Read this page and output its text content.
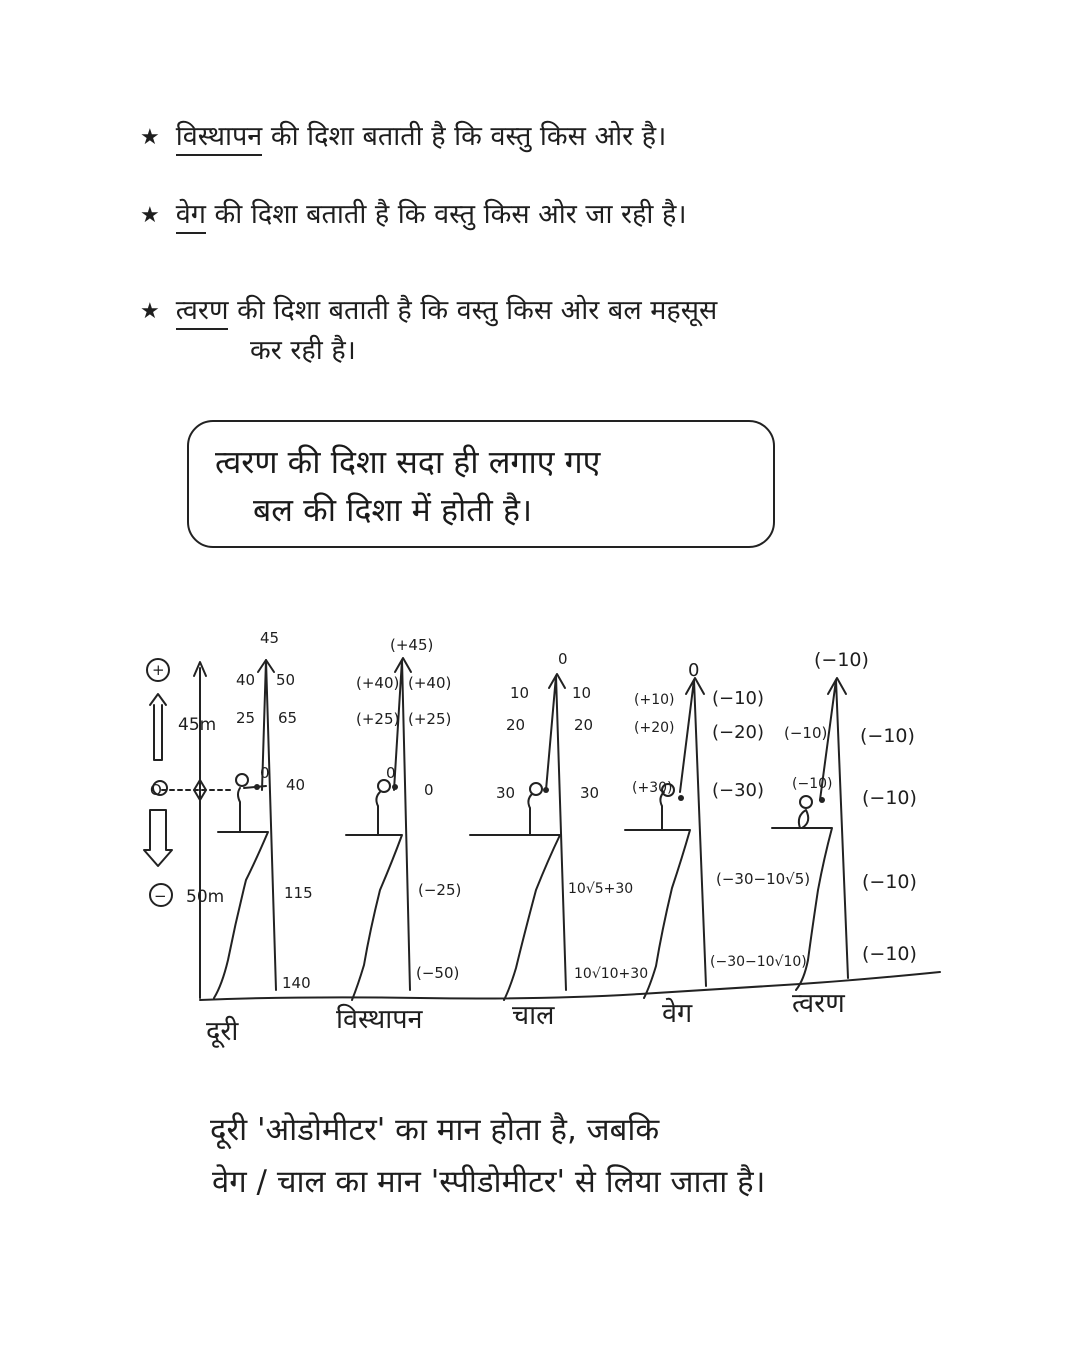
★ विस्थापन की दिशा बताती है कि वस्तु किस ओर है।
★ वेग की दिशा बताती है कि वस्तु किस ओर जा रही है।
★ त्वरण की दिशा बताती है कि वस्तु किस ओर बल महसूस
कर रही है।
त्वरण की दिशा सदा ही लगाए गए
बल की दिशा में होती है।
+
−
O
45m
50m
45
40 50
25 65
0
40
115
140
(+45)
(+40) (+40)
(+25) (+25)
0
0
(−25)
(−50)
0
10	10
20	20
30	30
10√5+30
10√10+30
0
(+10) (−10)
(+20) (−20)
(+30) (−30)
(−30−10√5)
(−30−10√10)
(−10)
(−10) (−10)
(−10)
(−10)
(−10)
(−10)
दूरी	विस्थापन	चाल	वेग	त्वरण
दूरी 'ओडोमीटर' का मान होता है, जबकि
वेग / चाल का मान 'स्पीडोमीटर' से लिया जाता है।
